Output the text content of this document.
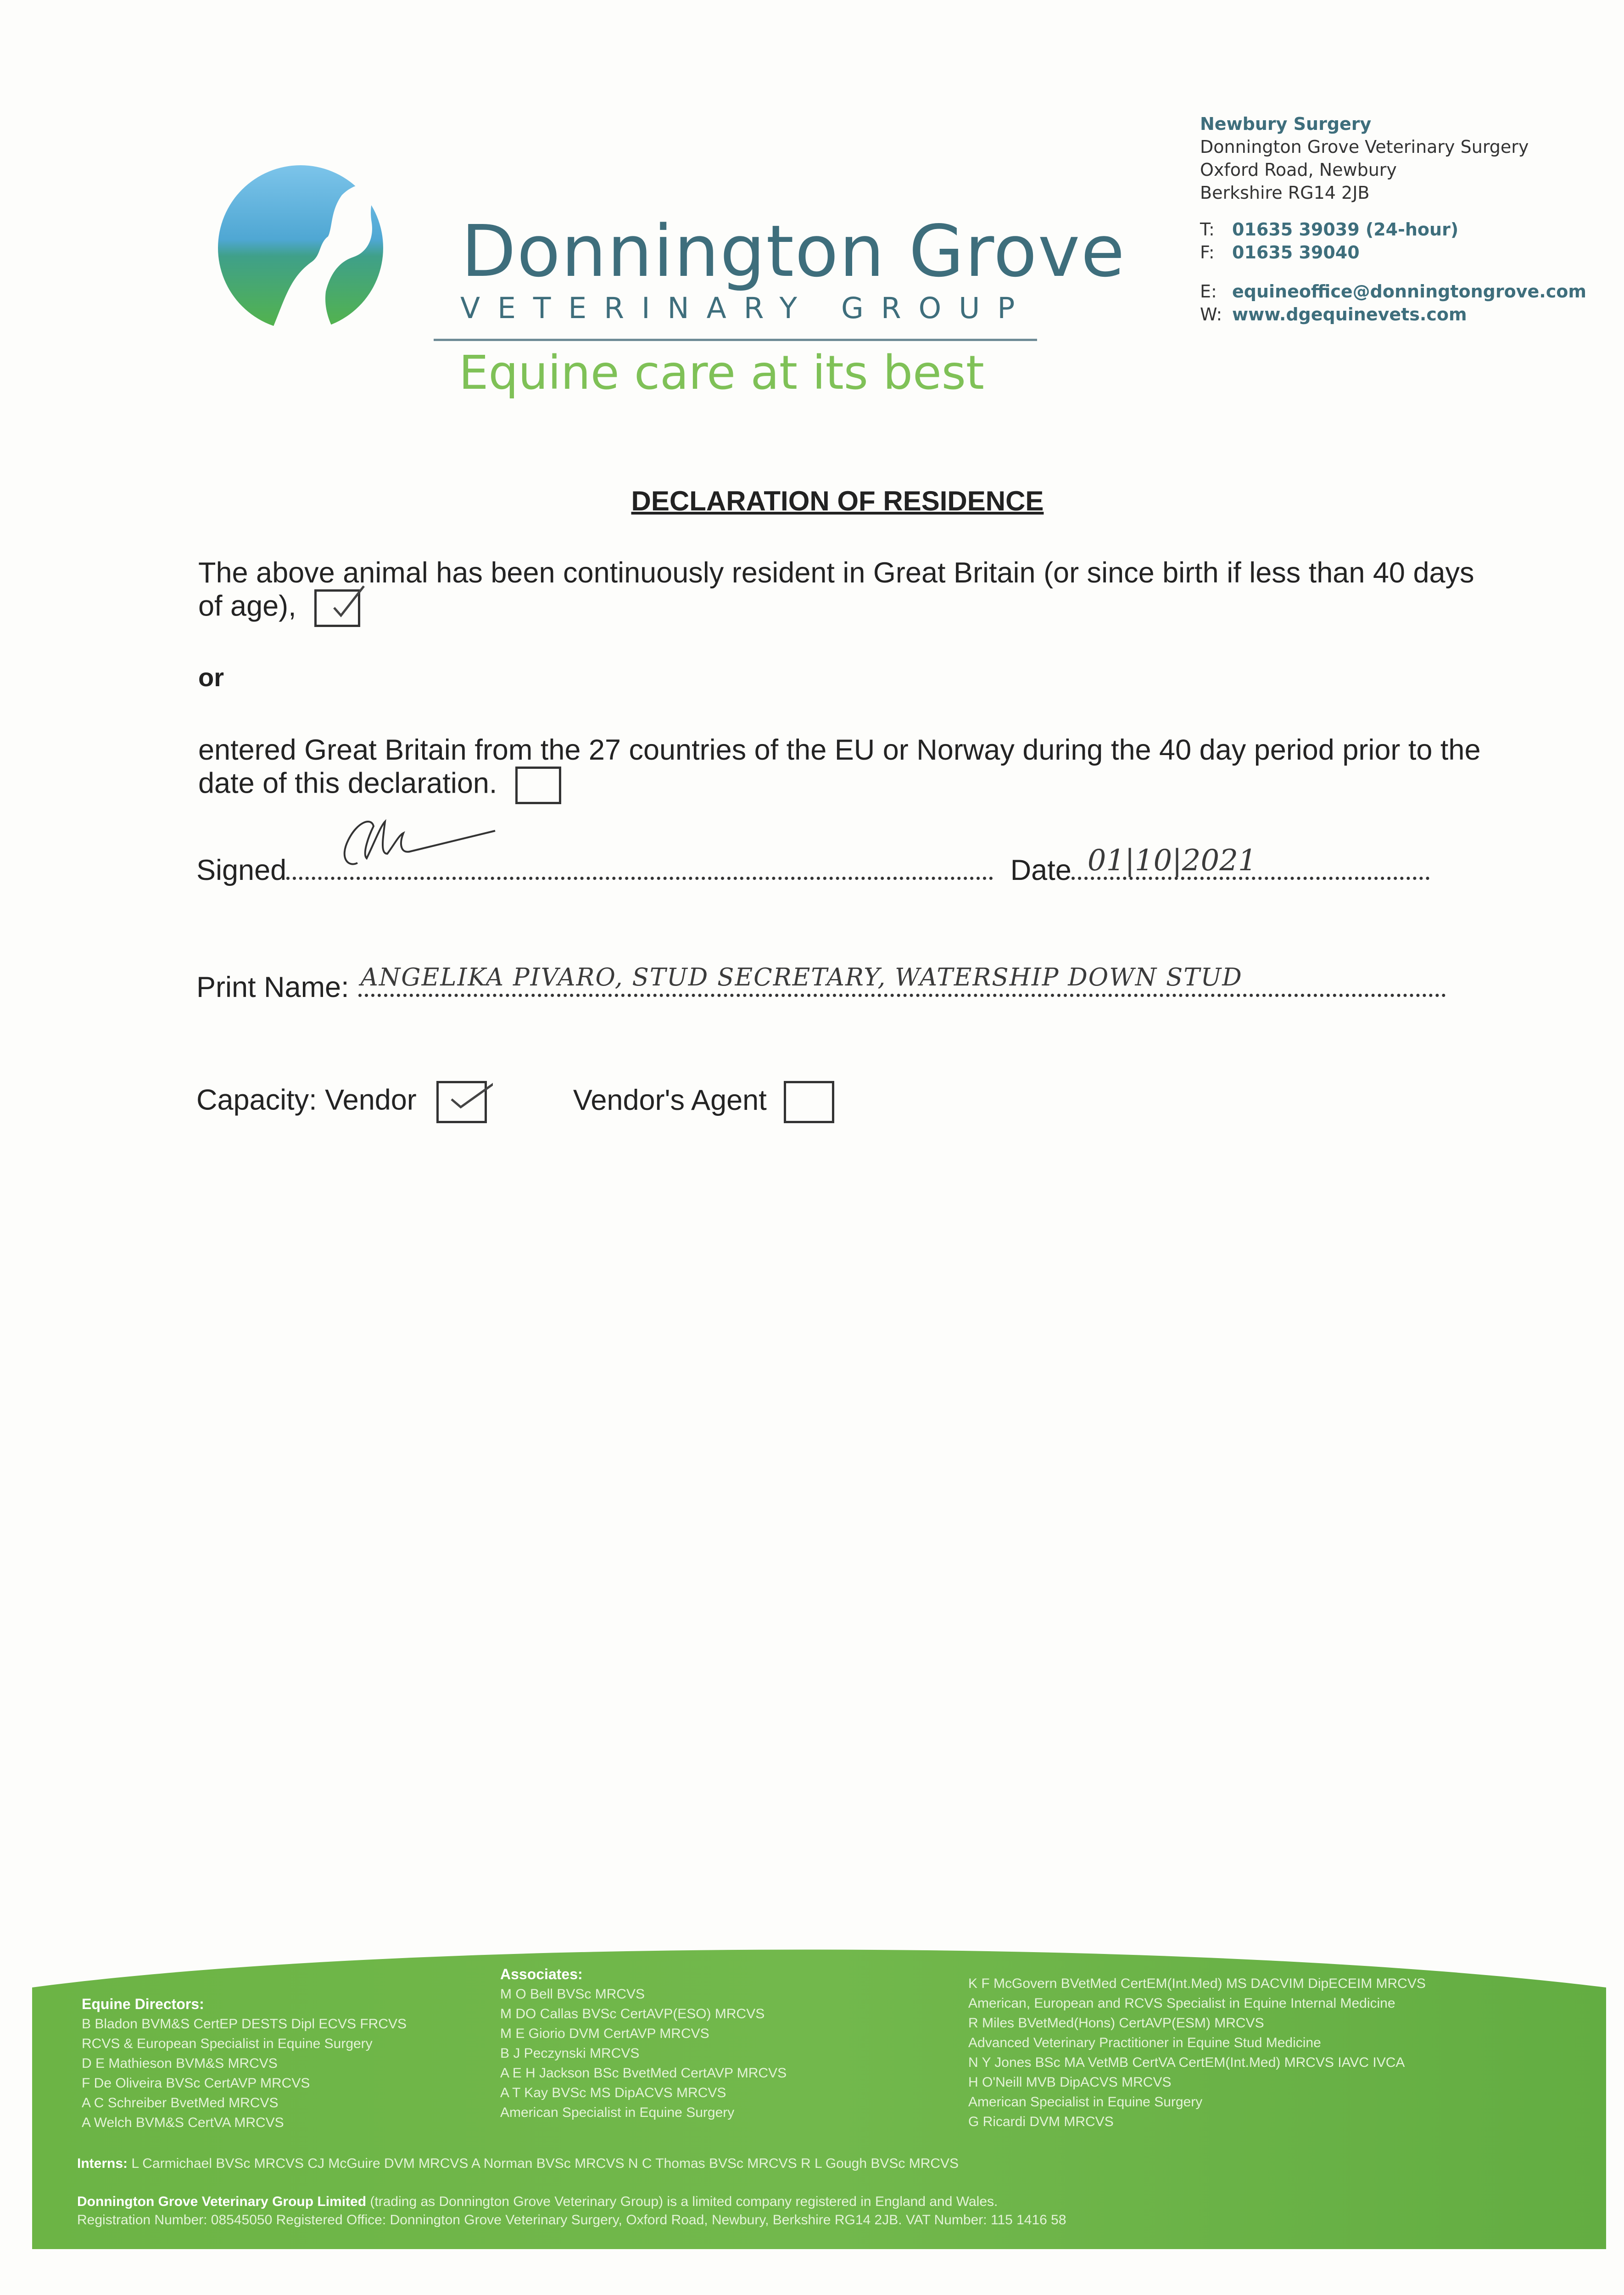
Donnington Grove
VETERINARY GROUP
Equine care at its best
Newbury Surgery
Donnington Grove Veterinary Surgery
Oxford Road, Newbury
Berkshire RG14 2JB
T:	01635 39039 (24-hour)
F:	01635 39040
E: equineoffice@donningtongrove.com
W: www.dgequinevets.com
DECLARATION OF RESIDENCE
The above animal has been continuously resident in Great Britain (or since birth if less than 40 days of age),
or
entered Great Britain from the 27 countries of the EU or Norway during the 40 day period prior to the date of this declaration.
Signed	Date 01|10|2021
Print Name: ANGELIKA PIVARO, STUD SECRETARY, WATERSHIP DOWN STUD
Capacity: Vendor	Vendor's Agent
Equine Directors:
B Bladon BVM&S CertEP DESTS Dipl ECVS FRCVS
RCVS & European Specialist in Equine Surgery
D E Mathieson BVM&S MRCVS
F De Oliveira BVSc CertAVP MRCVS
A C Schreiber BvetMed MRCVS
A Welch BVM&S CertVA MRCVS
Associates:
M O Bell BVSc MRCVS
M DO Callas BVSc CertAVP(ESO) MRCVS
M E Giorio DVM CertAVP MRCVS
B J Peczynski MRCVS
A E H Jackson BSc BvetMed CertAVP MRCVS
A T Kay BVSc MS DipACVS MRCVS
American Specialist in Equine Surgery
K F McGovern BVetMed CertEM(Int.Med) MS DACVIM DipECEIM MRCVS
American, European and RCVS Specialist in Equine Internal Medicine
R Miles BVetMed(Hons) CertAVP(ESM) MRCVS
Advanced Veterinary Practitioner in Equine Stud Medicine
N Y Jones BSc MA VetMB CertVA CertEM(Int.Med) MRCVS IAVC IVCA
H O'Neill MVB DipACVS MRCVS
American Specialist in Equine Surgery
G Ricardi DVM MRCVS
Interns: L Carmichael BVSc MRCVS CJ McGuire DVM MRCVS A Norman BVSc MRCVS N C Thomas BVSc MRCVS R L Gough BVSc MRCVS
Donnington Grove Veterinary Group Limited (trading as Donnington Grove Veterinary Group) is a limited company registered in England and Wales.
Registration Number: 08545050 Registered Office: Donnington Grove Veterinary Surgery, Oxford Road, Newbury, Berkshire RG14 2JB. VAT Number: 115 1416 58
